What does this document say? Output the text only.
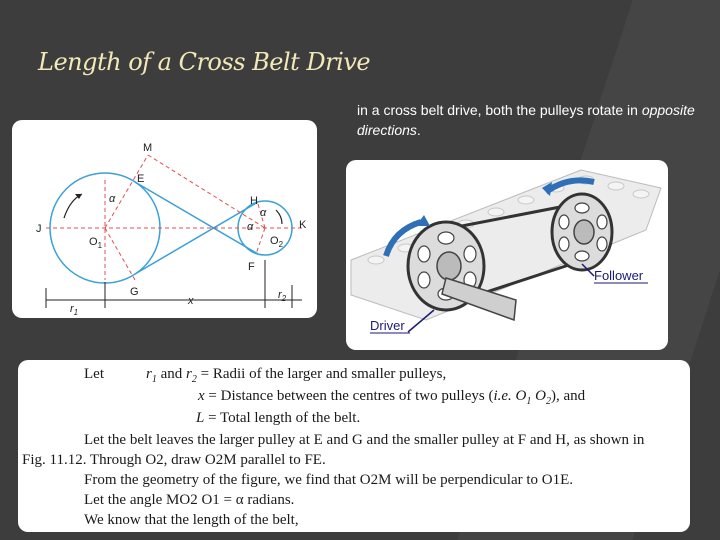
Length of a Cross Belt Drive
in a cross belt drive, both the pulleys rotate in opposite directions.
M
E
H
J	K
$O_1$	$O_2$
F
G
α
α
α
$r_1$
x	$r_2$
Follower
Driver
Let	$r_1$ and $r_2$ = Radii of the larger and smaller pulleys,
x = Distance between the centres of two pulleys (i.e. $O_1$ $O_2$), and
L = Total length of the belt.
Let the belt leaves the larger pulley at E and G and the smaller pulley at F and H, as shown in
Fig. 11.12. Through O2, draw O2M parallel to FE.
From the geometry of the figure, we find that O2M will be perpendicular to O1E.
Let the angle MO2 O1 = α radians.
We know that the length of the belt,
